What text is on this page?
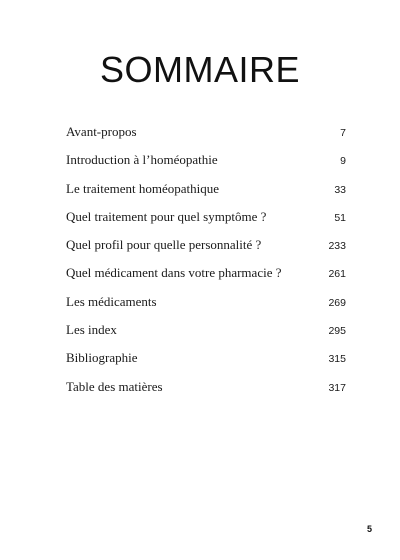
SOMMAIRE
Avant-propos	7
Introduction à l’homéopathie	9
Le traitement homéopathique	33
Quel traitement pour quel symptôme ?	51
Quel profil pour quelle personnalité ?	233
Quel médicament dans votre pharmacie ?	261
Les médicaments	269
Les index	295
Bibliographie	315
Table des matières	317
5
